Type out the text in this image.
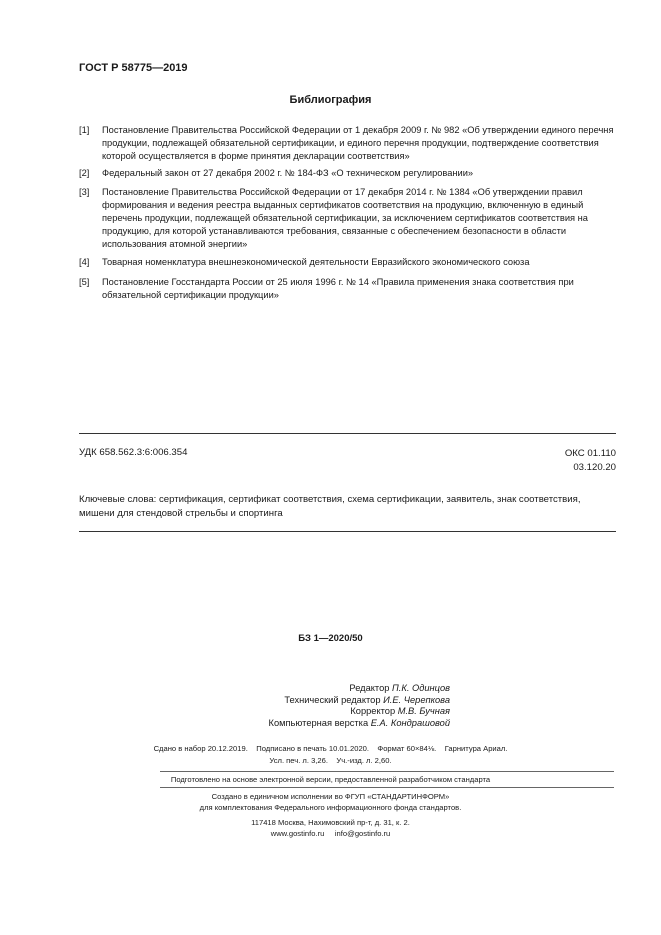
ГОСТ Р 58775—2019
Библиография
[1] Постановление Правительства Российской Федерации от 1 декабря 2009 г. № 982 «Об утверждении единого перечня продукции, подлежащей обязательной сертификации, и единого перечня продукции, подтверждение соответствия которой осуществляется в форме принятия декларации соответствия»
[2] Федеральный закон от 27 декабря 2002 г. № 184-ФЗ «О техническом регулировании»
[3] Постановление Правительства Российской Федерации от 17 декабря 2014 г. № 1384 «Об утверждении правил формирования и ведения реестра выданных сертификатов соответствия на продукцию, включенную в единый перечень продукции, подлежащей обязательной сертификации, за исключением сертификатов соответствия на продукцию, для которой устанавливаются требования, связанные с обеспечением безопасности в области использования атомной энергии»
[4] Товарная номенклатура внешнеэкономической деятельности Евразийского экономического союза
[5] Постановление Госстандарта России от 25 июля 1996 г. № 14 «Правила применения знака соответствия при обязательной сертификации продукции»
УДК 658.562.3:6:006.354	ОКС 01.110
03.120.20
Ключевые слова: сертификация, сертификат соответствия, схема сертификации, заявитель, знак соответствия, мишени для стендовой стрельбы и спортинга
БЗ 1—2020/50
Редактор П.К. Одинцов
Технический редактор И.Е. Черепкова
Корректор М.В. Бучная
Компьютерная верстка Е.А. Кондрашовой
Сдано в набор 20.12.2019.    Подписано в печать 10.01.2020.    Формат 60×84⅛.    Гарнитура Ариал.
Усл. печ. л. 3,26.    Уч.-изд. л. 2,60.
Подготовлено на основе электронной версии, предоставленной разработчиком стандарта
Создано в единичном исполнении во ФГУП «СТАНДАРТИНФОРМ»
для комплектования Федерального информационного фонда стандартов.
117418 Москва, Нахимовский пр-т, д. 31, к. 2.
www.gostinfo.ru     info@gostinfo.ru
